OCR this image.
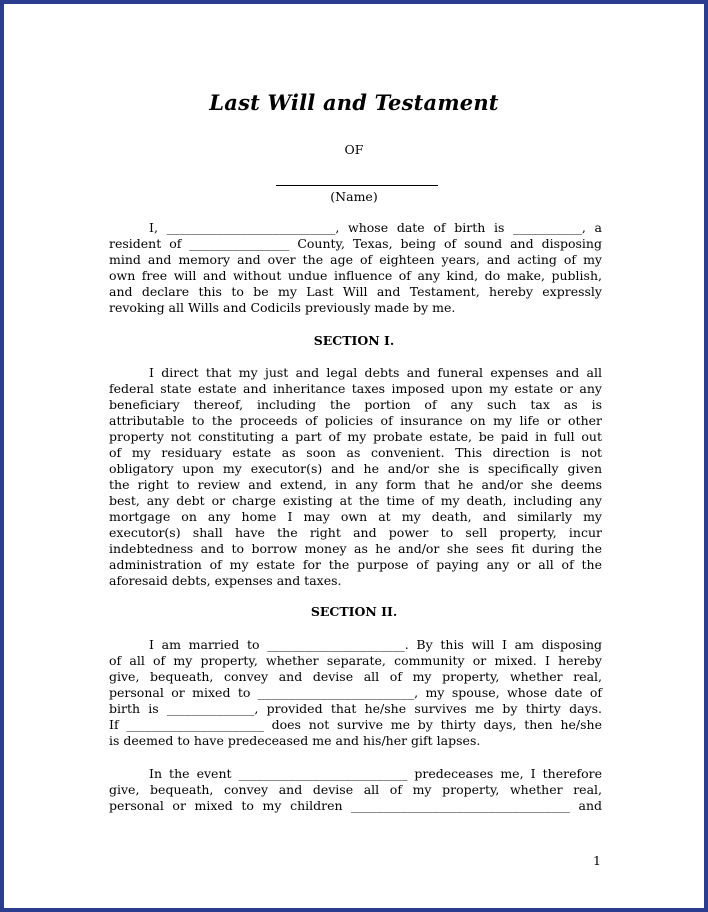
Last Will and Testament
OF
(Name)
I, ___________________________, whose date of birth is ___________, a
resident of ________________ County, Texas, being of sound and disposing
mind and memory and over the age of eighteen years, and acting of my
own free will and without undue influence of any kind, do make, publish,
and declare this to be my Last Will and Testament, hereby expressly
revoking all Wills and Codicils previously made by me.
SECTION I.
I direct that my just and legal debts and funeral expenses and all
federal state estate and inheritance taxes imposed upon my estate or any
beneficiary thereof, including the portion of any such tax as is
attributable to the proceeds of policies of insurance on my life or other
property not constituting a part of my probate estate, be paid in full out
of my residuary estate as soon as convenient. This direction is not
obligatory upon my executor(s) and he and/or she is specifically given
the right to review and extend, in any form that he and/or she deems
best, any debt or charge existing at the time of my death, including any
mortgage on any home I may own at my death, and similarly my
executor(s) shall have the right and power to sell property, incur
indebtedness and to borrow money as he and/or she sees fit during the
administration of my estate for the purpose of paying any or all of the
aforesaid debts, expenses and taxes.
SECTION II.
I am married to ______________________. By this will I am disposing
of all of my property, whether separate, community or mixed. I hereby
give, bequeath, convey and devise all of my property, whether real,
personal or mixed to _________________________, my spouse, whose date of
birth is ______________, provided that he/she survives me by thirty days.
If ______________________ does not survive me by thirty days, then he/she
is deemed to have predeceased me and his/her gift lapses.
In the event ___________________________ predeceases me, I therefore
give, bequeath, convey and devise all of my property, whether real,
personal or mixed to my children ___________________________________ and
1
